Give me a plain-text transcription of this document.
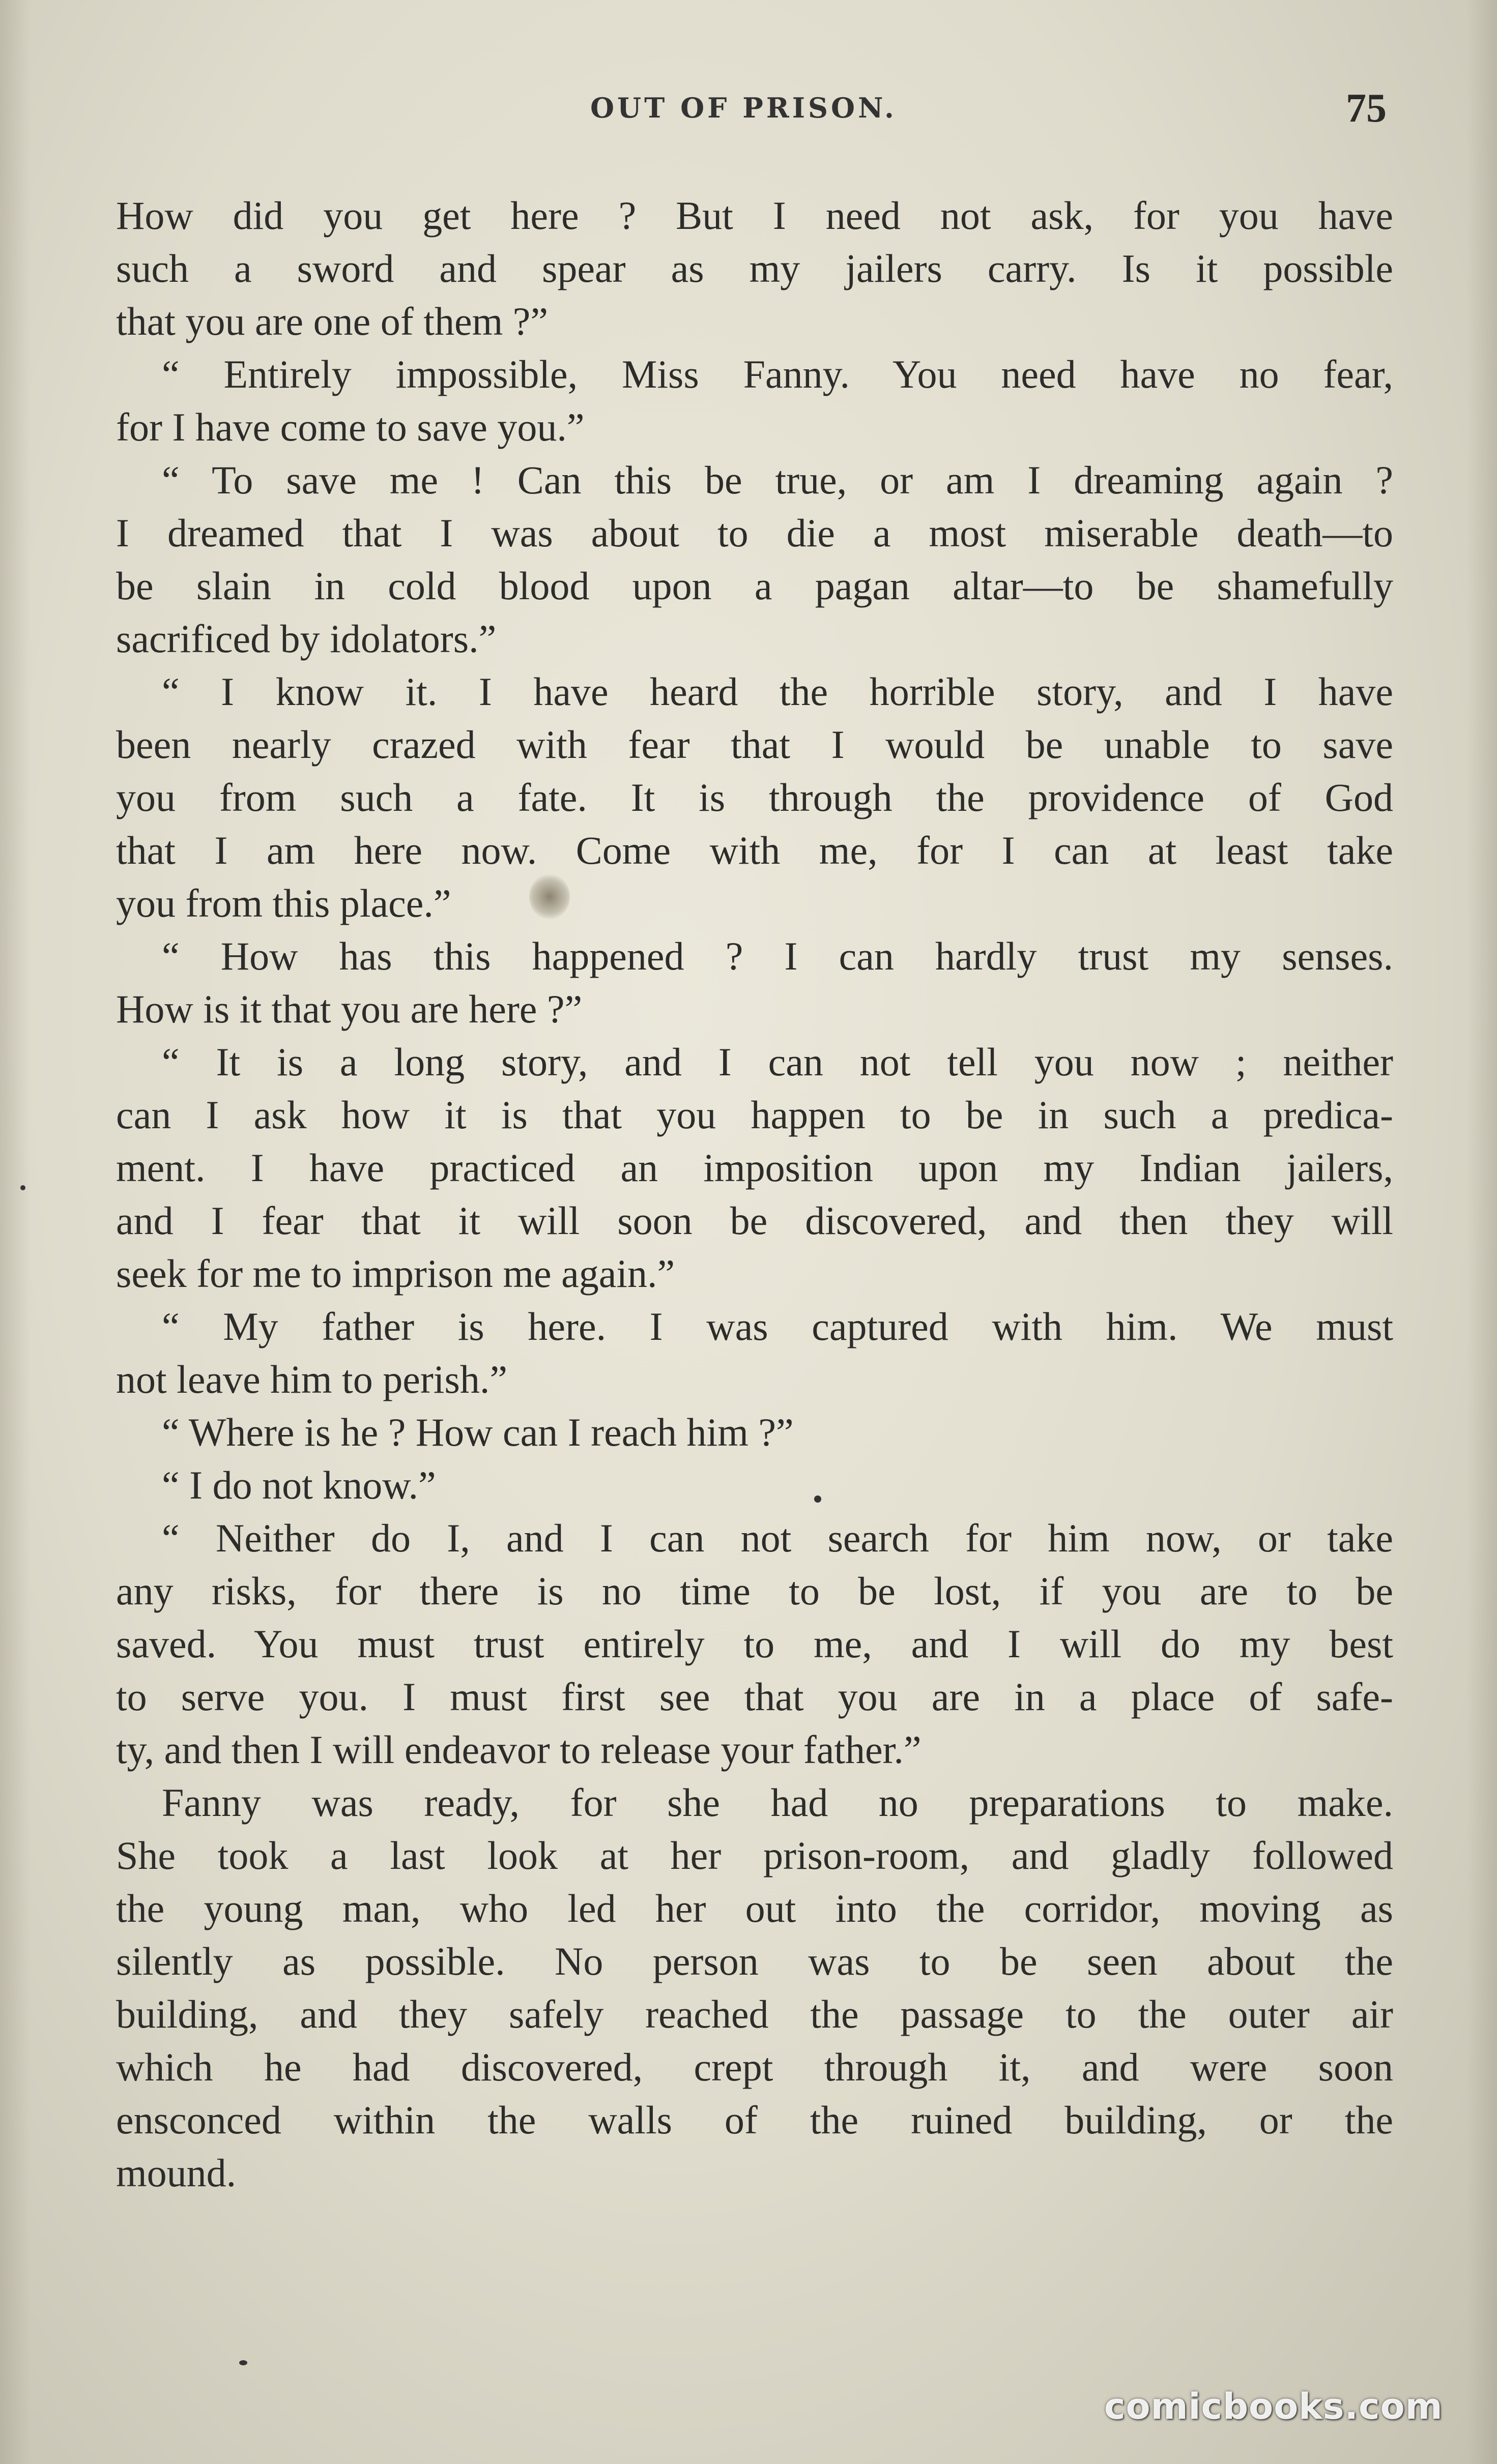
OUT OF PRISON.	75
How did you get here ? But I need not ask, for you have
such a sword and spear as my jailers carry. Is it possible
that you are one of them ?”
“ Entirely impossible, Miss Fanny. You need have no fear,
for I have come to save you.”
“ To save me ! Can this be true, or am I dreaming again ?
I dreamed that I was about to die a most miserable death—to
be slain in cold blood upon a pagan altar—to be shamefully
sacrificed by idolators.”
“ I know it. I have heard the horrible story, and I have
been nearly crazed with fear that I would be unable to save
you from such a fate. It is through the providence of God
that I am here now. Come with me, for I can at least take
you from this place.”
“ How has this happened ? I can hardly trust my senses.
How is it that you are here ?”
“ It is a long story, and I can not tell you now ; neither
can I ask how it is that you happen to be in such a predica-
ment. I have practiced an imposition upon my Indian jailers,
and I fear that it will soon be discovered, and then they will
seek for me to imprison me again.”
“ My father is here. I was captured with him. We must
not leave him to perish.”
“ Where is he ? How can I reach him ?”
“ I do not know.”
“ Neither do I, and I can not search for him now, or take
any risks, for there is no time to be lost, if you are to be
saved. You must trust entirely to me, and I will do my best
to serve you. I must first see that you are in a place of safe-
ty, and then I will endeavor to release your father.”
Fanny was ready, for she had no preparations to make.
She took a last look at her prison-room, and gladly followed
the young man, who led her out into the corridor, moving as
silently as possible. No person was to be seen about the
building, and they safely reached the passage to the outer air
which he had discovered, crept through it, and were soon
ensconced within the walls of the ruined building, or the
mound.
comicbooks.com
